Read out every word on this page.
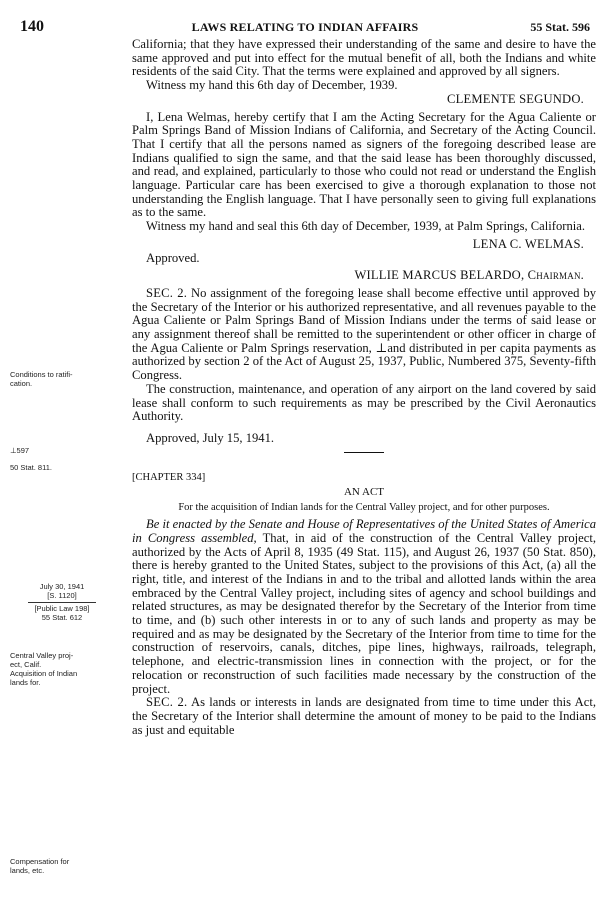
140	LAWS RELATING TO INDIAN AFFAIRS	55 Stat. 596

California; that they have expressed their understanding of the same and desire to have the same approved and put into effect for the mutual benefit of all, both the Indians and white residents of the said City. That the terms were explained and approved by all signers.

Witness my hand this 6th day of December, 1939.

CLEMENTE SEGUNDO.

I, Lena Welmas, hereby certify that I am the Acting Secretary for the Agua Caliente or Palm Springs Band of Mission Indians of California, and Secretary of the Acting Council. That I certify that all the persons named as signers of the foregoing described lease are Indians qualified to sign the same, and that the said lease has been thoroughly discussed, and read, and explained, particularly to those who could not read or understand the English language. Particular care has been exercised to give a thorough explanation to those not understanding the English language. That I have personally seen to giving full explanations as to the same.

Witness my hand and seal this 6th day of December, 1939, at Palm Springs, California.

LENA C. WELMAS.

Approved.

WILLIE MARCUS BELARDO, Chairman.

SEC. 2. No assignment of the foregoing lease shall become effective until approved by the Secretary of the Interior or his authorized representative, and all revenues payable to the Agua Caliente or Palm Springs Band of Mission Indians under the terms of said lease or any assignment thereof shall be remitted to the superintendent or other officer in charge of the Agua Caliente or Palm Springs reservation, ⊥and distributed in per capita payments as authorized by section 2 of the Act of August 25, 1937, Public, Numbered 375, Seventy-fifth Congress.

The construction, maintenance, and operation of any airport on the land covered by said lease shall conform to such requirements as may be prescribed by the Civil Aeronautics Authority.

Approved, July 15, 1941.

[CHAPTER 334]

AN ACT

For the acquisition of Indian lands for the Central Valley project, and for other purposes.

Be it enacted by the Senate and House of Representatives of the United States of America in Congress assembled, That, in aid of the construction of the Central Valley project, authorized by the Acts of April 8, 1935 (49 Stat. 115), and August 26, 1937 (50 Stat. 850), there is hereby granted to the United States, subject to the provisions of this Act, (a) all the right, title, and interest of the Indians in and to the tribal and allotted lands within the area embraced by the Central Valley project, including sites of agency and school buildings and related structures, as may be designated therefor by the Secretary of the Interior from time to time, and (b) such other interests in or to any of such lands and property as may be required and as may be designated by the Secretary of the Interior from time to time for the construction of reservoirs, canals, ditches, pipe lines, highways, railroads, telegraph, telephone, and electric-transmission lines in connection with the project, or for the relocation or reconstruction of such facilities made necessary by the construction of the project.

SEC. 2. As lands or interests in lands are designated from time to time under this Act, the Secretary of the Interior shall determine the amount of money to be paid to the Indians as just and equitable

Conditions to ratifi-
cation.
⊥597
50 Stat. 811.
July 30, 1941
[S. 1120]
[Public Law 198]
55 Stat. 612
Central Valley proj-
ect, Calif.
Acquisition of Indian
lands for.
Compensation for
lands, etc.
